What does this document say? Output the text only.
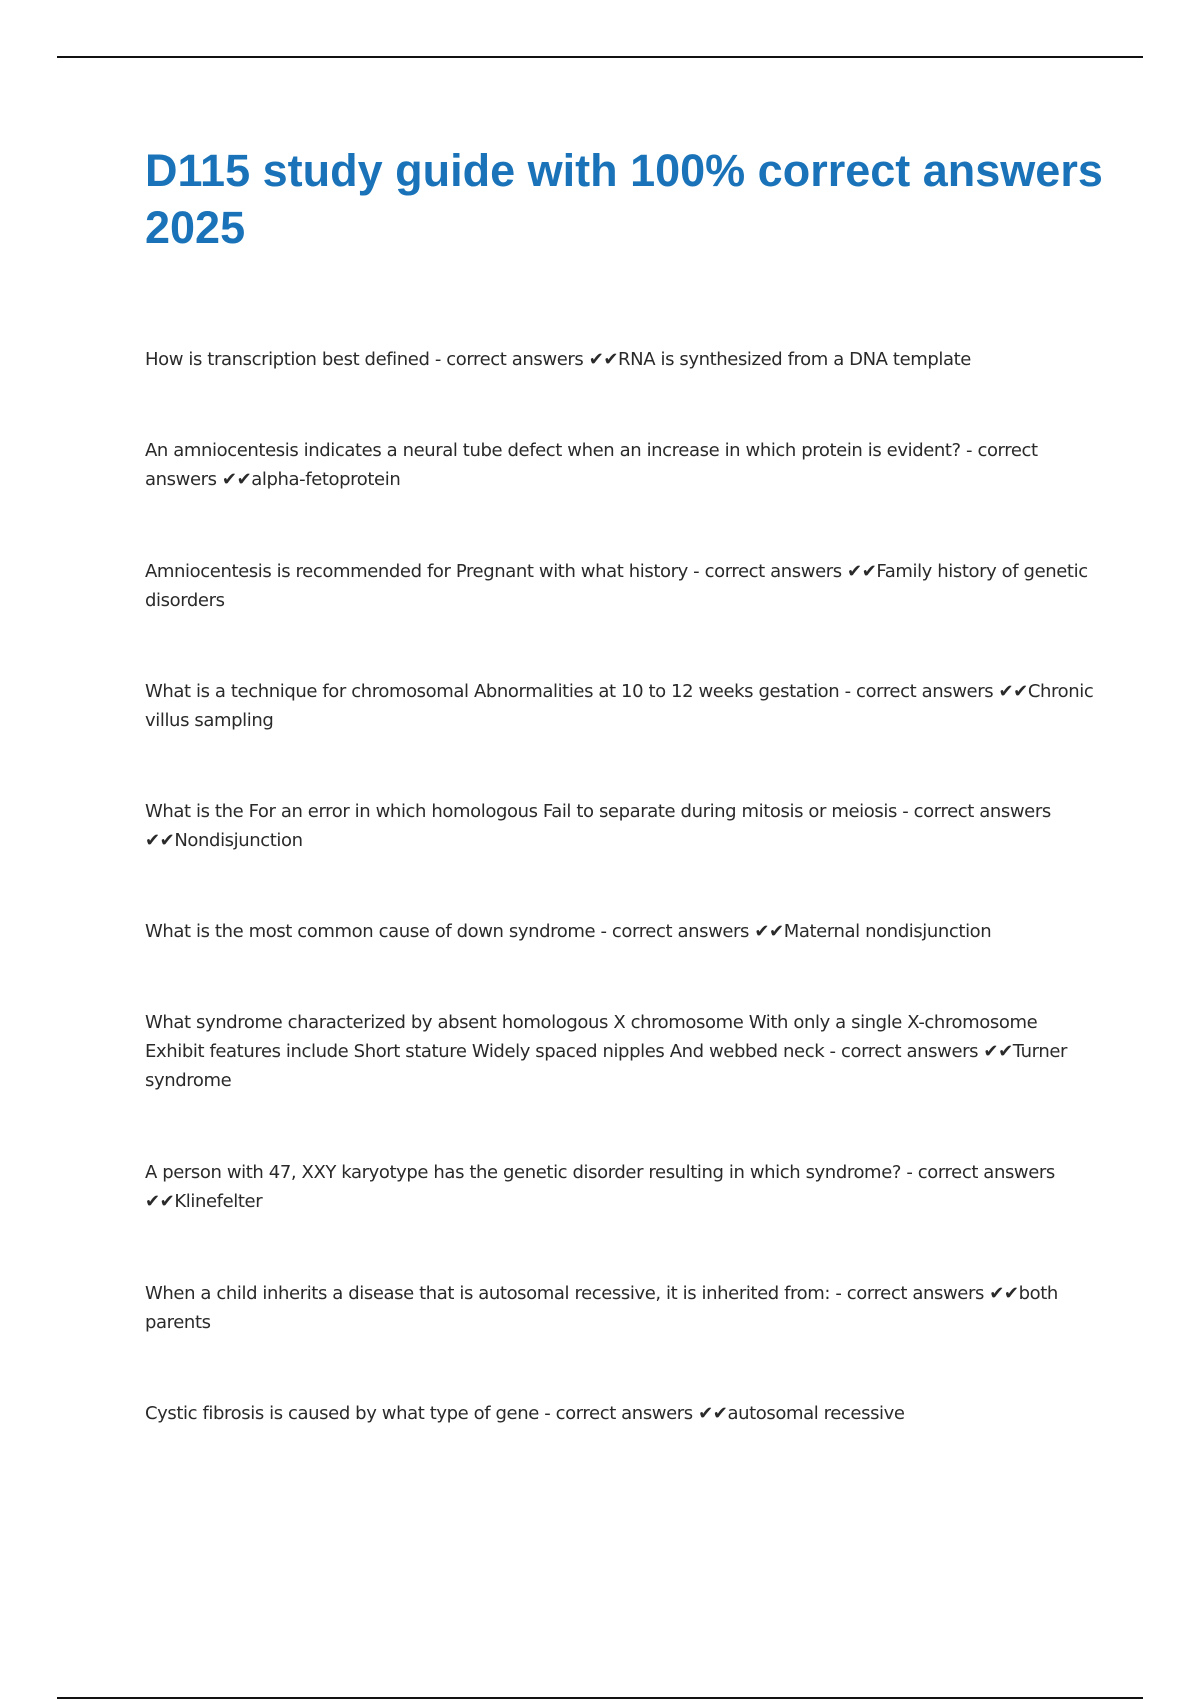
D115 study guide with 100% correct answers 2025
How is transcription best defined - correct answers ✔✔RNA is synthesized from a DNA template
An amniocentesis indicates a neural tube defect when an increase in which protein is evident? - correct answers ✔✔alpha-fetoprotein
Amniocentesis is recommended for Pregnant with what history - correct answers ✔✔Family history of genetic disorders
What is a technique for chromosomal Abnormalities at 10 to 12 weeks gestation - correct answers ✔✔Chronic villus sampling
What is the For an error in which homologous Fail to separate during mitosis or meiosis - correct answers ✔✔Nondisjunction
What is the most common cause of down syndrome - correct answers ✔✔Maternal nondisjunction
What syndrome characterized by absent homologous X chromosome With only a single X-chromosome Exhibit features include Short stature Widely spaced nipples And webbed neck - correct answers ✔✔Turner syndrome
A person with 47, XXY karyotype has the genetic disorder resulting in which syndrome? - correct answers ✔✔Klinefelter
When a child inherits a disease that is autosomal recessive, it is inherited from: - correct answers ✔✔both parents
Cystic fibrosis is caused by what type of gene - correct answers ✔✔autosomal recessive
